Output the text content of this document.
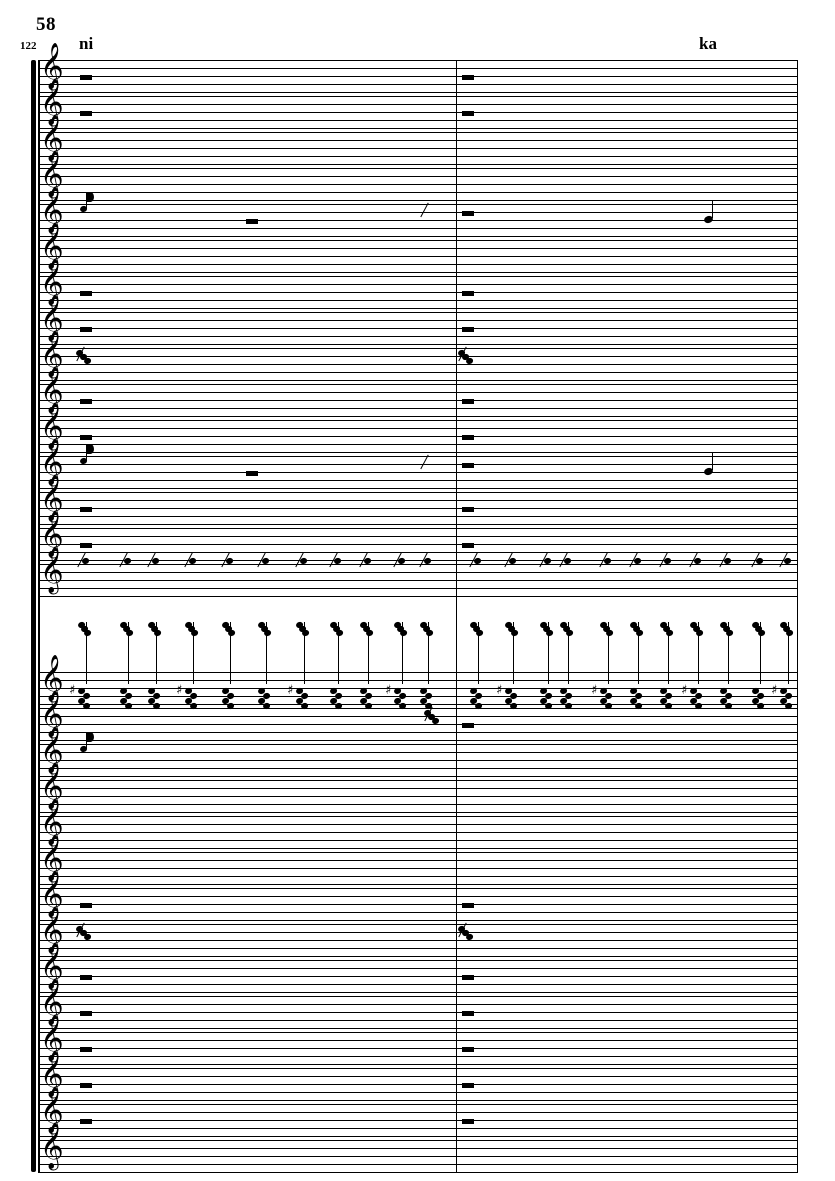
58
122	ni	ka
𝄞
𝄞
𝄞
𝄞
𝄞
𝄞
𝄞
𝄞
𝄞
𝄞
𝄞
𝄞
𝄞
𝄞
𝄞
𝄞
𝄞
𝄞
𝄞
𝄞
𝄞
𝄞
𝄞
𝄞
𝄞
𝄞
𝄞
𝄞
𝄞
♯	♯	♯	♯	♯	♯	♯	♯
